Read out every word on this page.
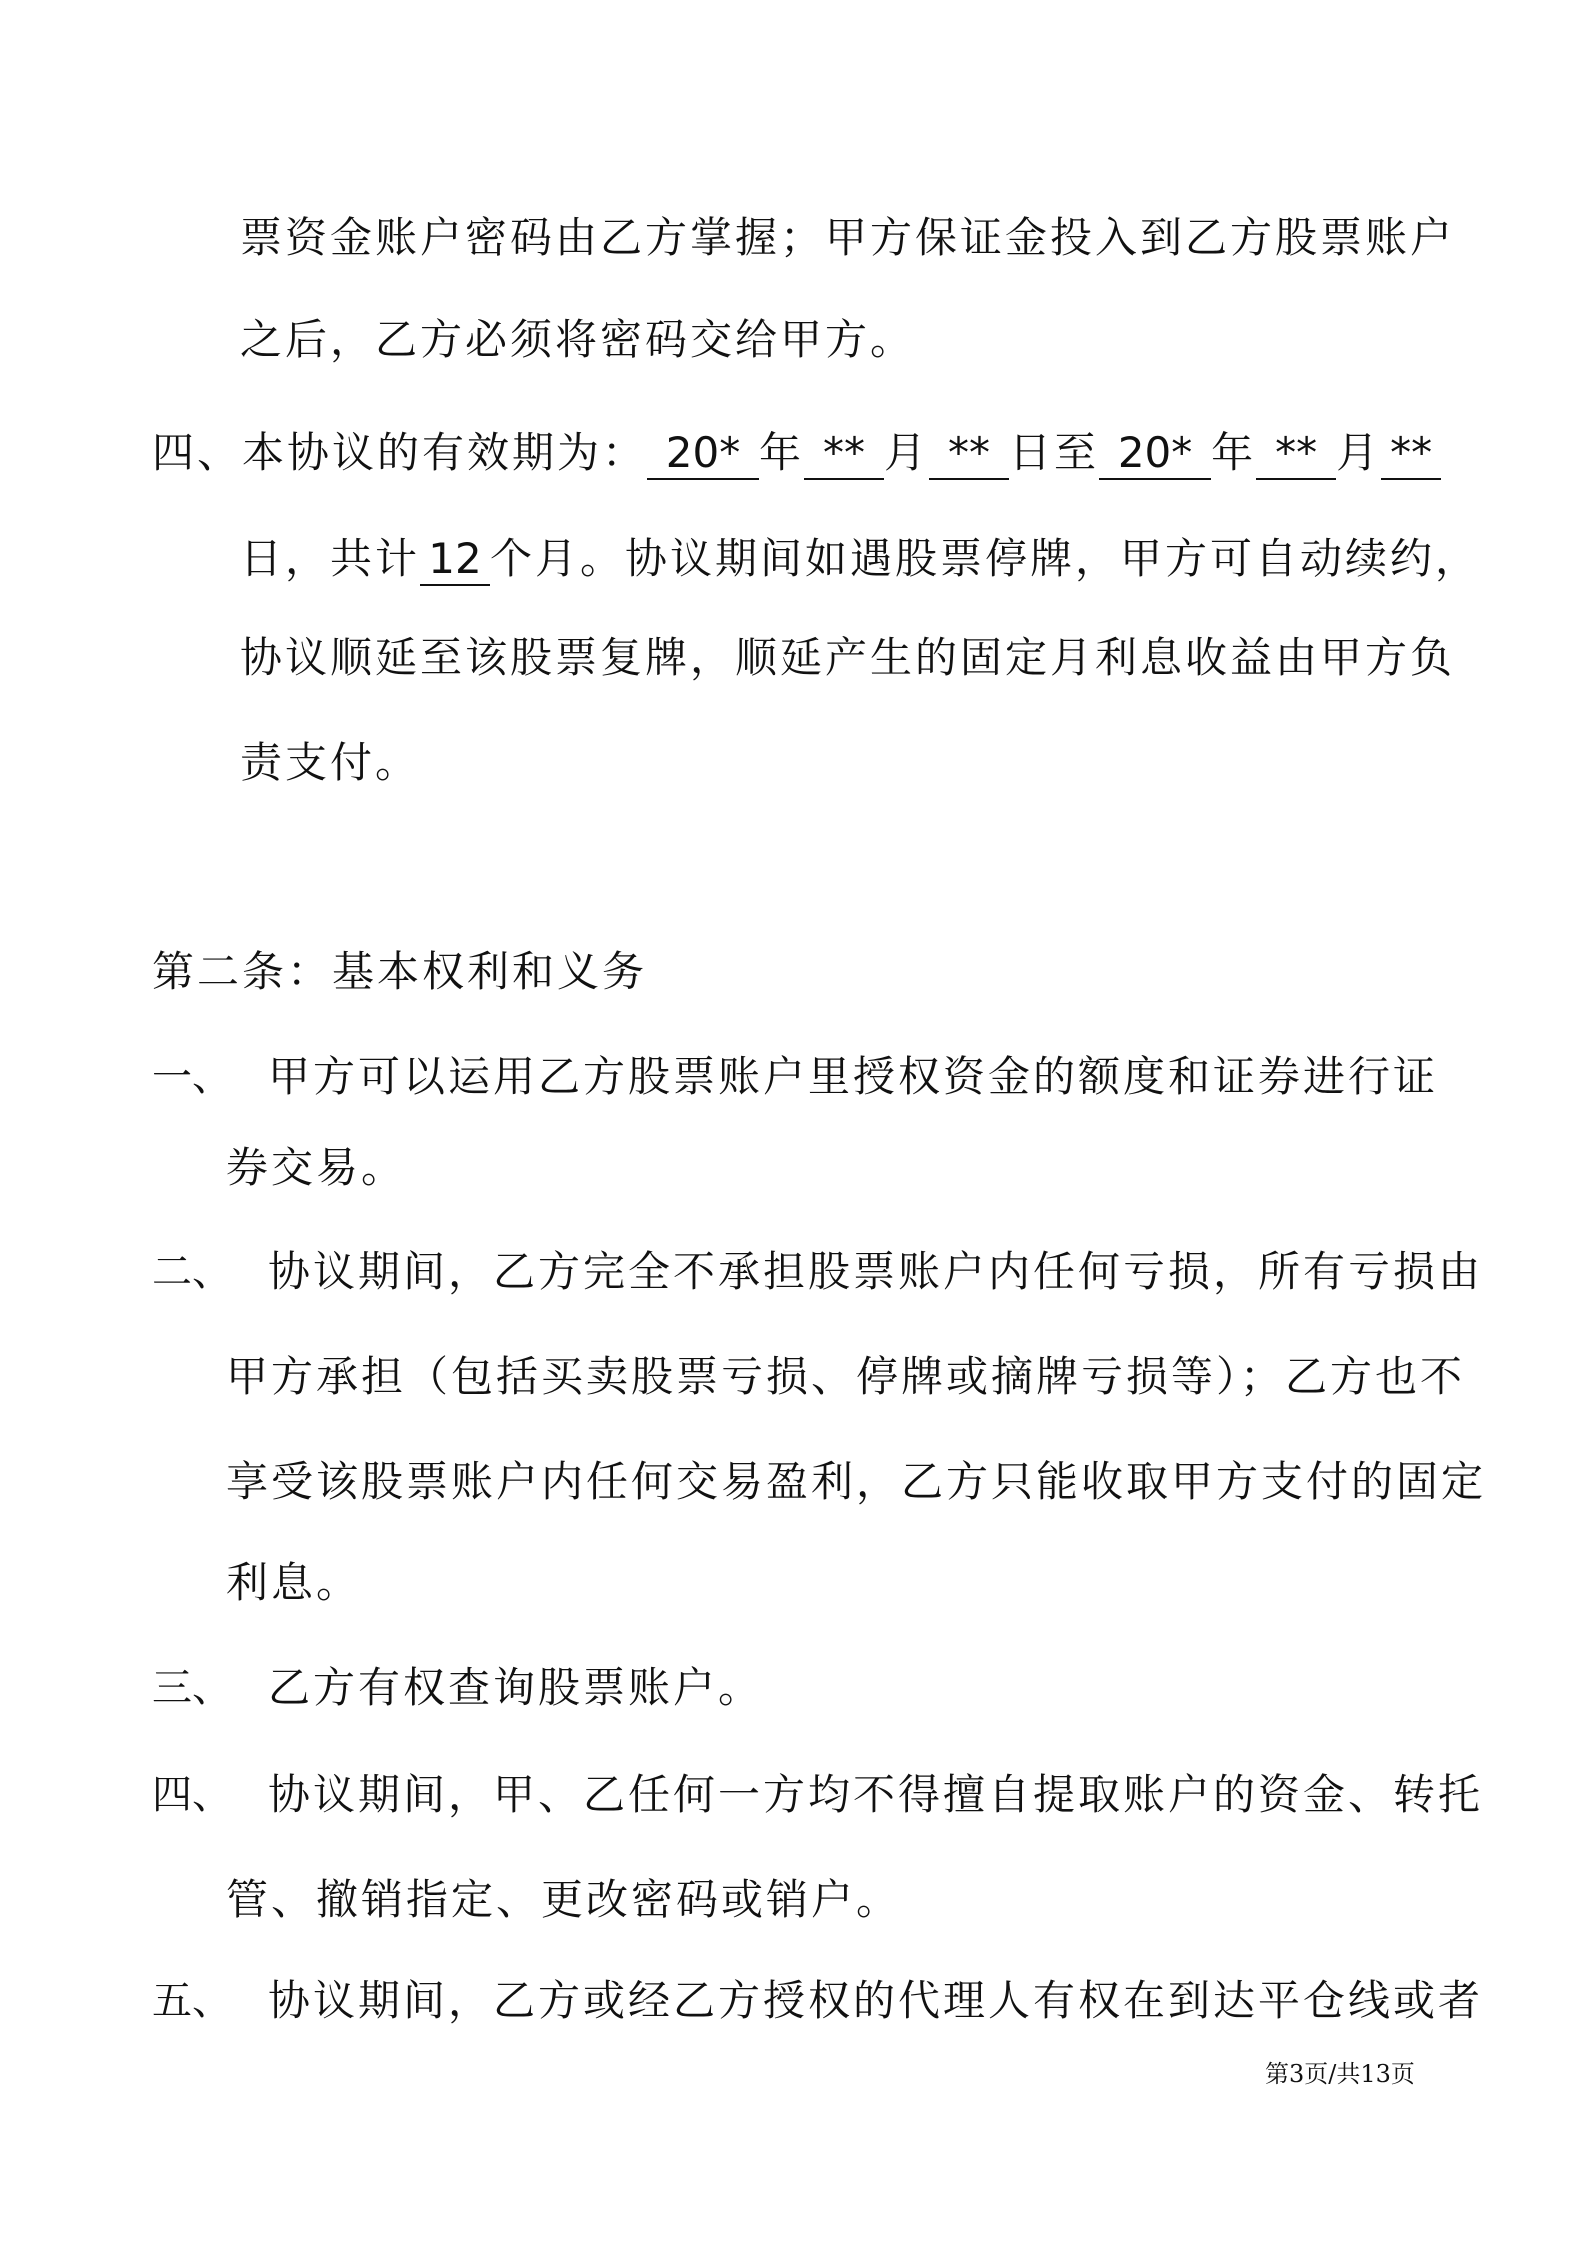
票资金账户密码由乙方掌握；甲方保证金投入到乙方股票账户
之后，乙方必须将密码交给甲方。
四、本协议的有效期为： 20* 年 ** 月 ** 日至 20* 年 ** 月 **
日，共计 12 个月。协议期间如遇股票停牌，甲方可自动续约，
协议顺延至该股票复牌，顺延产生的固定月利息收益由甲方负
责支付。
第二条：基本权利和义务
一、 甲方可以运用乙方股票账户里授权资金的额度和证券进行证
券交易。
二、 协议期间，乙方完全不承担股票账户内任何亏损，所有亏损由
甲方承担（包括买卖股票亏损、停牌或摘牌亏损等）；乙方也不
享受该股票账户内任何交易盈利，乙方只能收取甲方支付的固定
利息。
三、 乙方有权查询股票账户。
四、 协议期间，甲、乙任何一方均不得擅自提取账户的资金、转托
管、撤销指定、更改密码或销户。
五、 协议期间，乙方或经乙方授权的代理人有权在到达平仓线或者
第3页/共13页
